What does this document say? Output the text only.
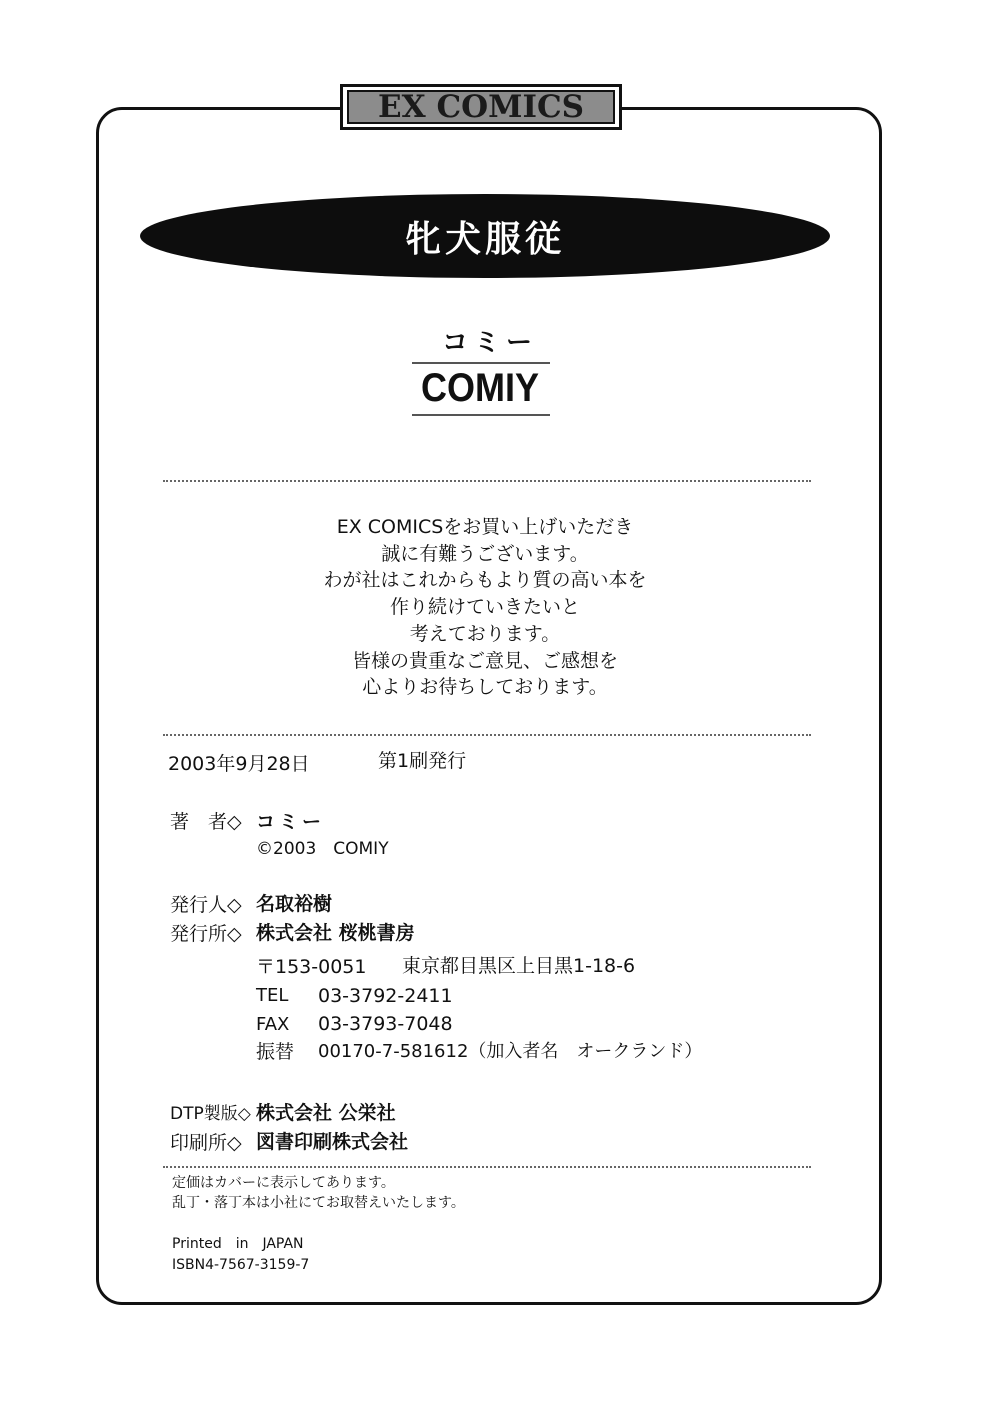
EX COMICS
牝犬服従
コミー
COMIY
EX COMICSをお買い上げいただき
誠に有難うございます。
わが社はこれからもより質の高い本を
作り続けていきたいと
考えております。
皆様の貴重なご意見、ご感想を
心よりお待ちしております。
2003年9月28日	第1刷発行
著　者◇ コミー
©2003　COMIY
発行人◇ 名取裕樹
発行所◇ 株式会社 桜桃書房
〒153-0051 東京都目黒区上目黒1-18-6
TEL 03-3792-2411
FAX 03-3793-7048
振替 00170-7-581612（加入者名　オークランド）
DTP製版◇ 株式会社 公栄社
印刷所◇ 図書印刷株式会社
定価はカバーに表示してあります。
乱丁・落丁本は小社にてお取替えいたします。
Printed　in　JAPAN
ISBN4-7567-3159-7
